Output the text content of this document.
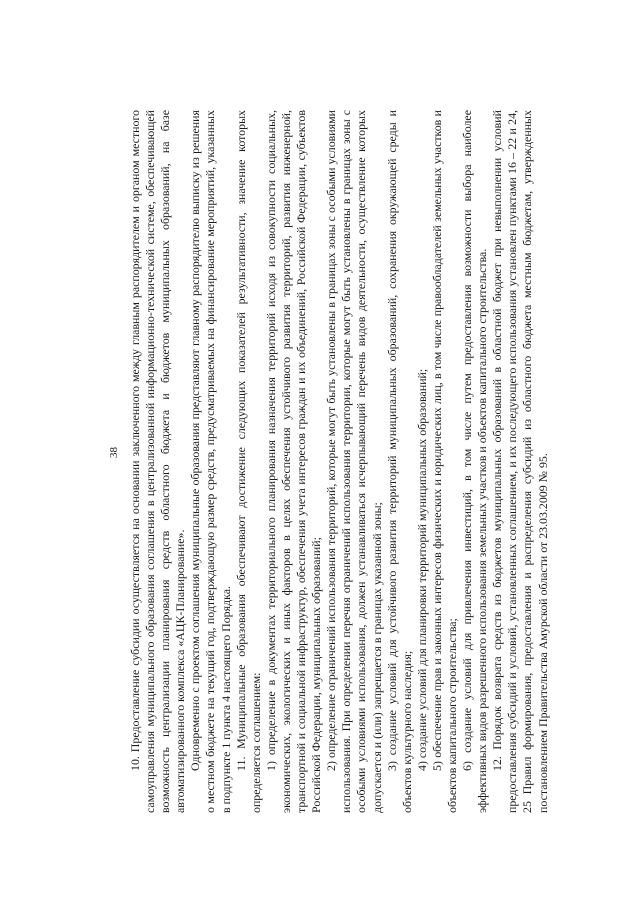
38 10. Предоставление субсидии осуществляется на основании заключенного между главным распорядителем и органом местного самоуправления муниципального образования соглашения в централизованной информационно-технической системе, обеспечивающей возможность централизации планирования средств областного бюджета и бюджетов муниципальных образований, на базе автоматизированного комплекса «АЦК-Планирование». Одновременно с проектом соглашения муниципальные образования представляют главному распорядителю выписку из решения о местном бюджете на текущий год, подтверждающую размер средств, предусматриваемых на финансирование мероприятий, указанных в подпункте 1 пункта 4 настоящего Порядка. 11. Муниципальные образования обеспечивают достижение следующих показателей результативности, значение которых определяется соглашением: 1) определение в документах территориального планирования назначения территорий исходя из совокупности социальных, экономических, экологических и иных факторов в целях обеспечения устойчивого развития территорий, развития инженерной, транспортной и социальной инфраструктур, обеспечения учета интересов граждан и их объединений, Российской Федерации, субъектов Российской Федерации, муниципальных образований; 2) определение ограничений использования территорий, которые могут быть установлены в границах зоны с особыми условиями использования. При определении перечня ограничений использования территории, которые могут быть установлены в границах зоны с особыми условиями использования, должен устанавливаться исчерпывающий перечень видов деятельности, осуществление которых допускается и (или) запрещается в границах указанной зоны; 3) создание условий для устойчивого развития территорий муниципальных образований, сохранения окружающей среды и объектов культурного наследия; 4) создание условий для планировки территорий муниципальных образований; 5) обеспечение прав и законных интересов физических и юридических лиц, в том числе правообладателей земельных участков и объектов капитального строительства; 6) создание условий для привлечения инвестиций, в том числе путем предоставления возможности выбора наиболее эффективных видов разрешенного использования земельных участков и объектов капитального строительства. 12. Порядок возврата средств из бюджетов муниципальных образований в областной бюджет при невыполнении условий предоставления субсидий и условий, установленных соглашением, и их последующего использования установлен пунктами 16 – 22 и 24, 25 Правил формирования, предоставления и распределения субсидий из областного бюджета местным бюджетам, утвержденных постановлением Правительства Амурской области от 23.03.2009 № 95.
